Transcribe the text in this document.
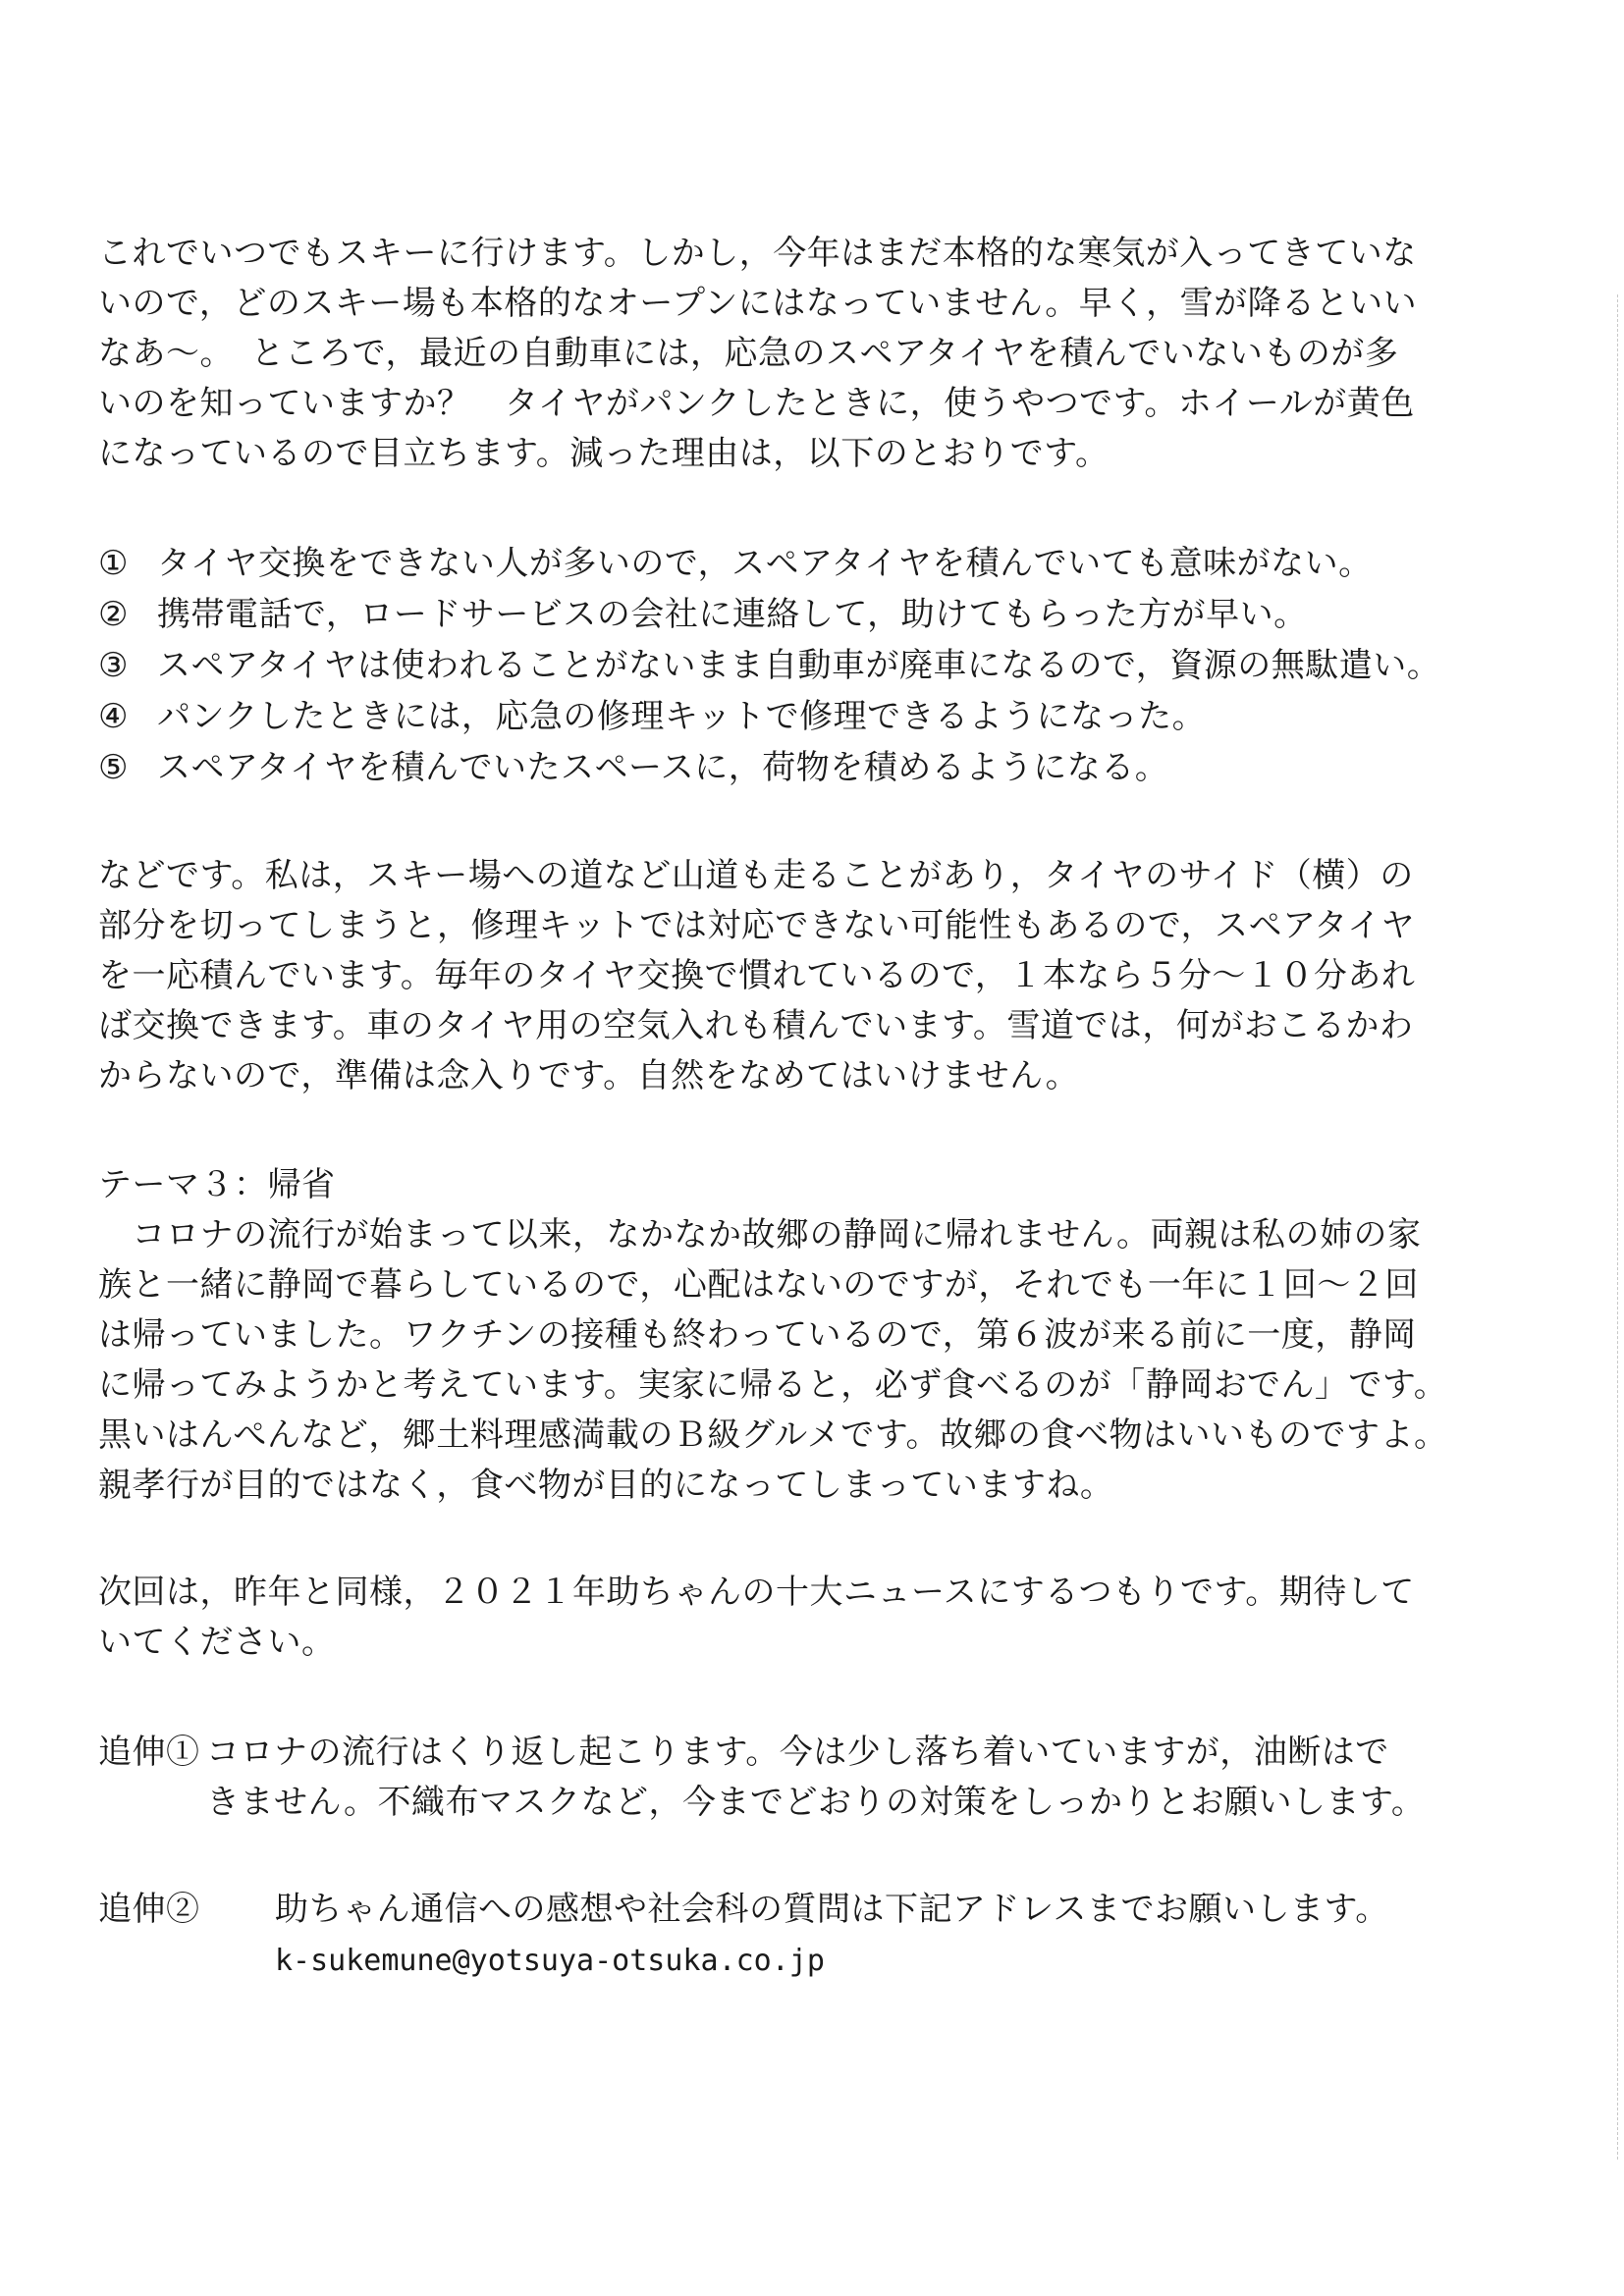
これでいつでもスキーに行けます。しかし，今年はまだ本格的な寒気が入ってきていな
いので，どのスキー場も本格的なオープンにはなっていません。早く，雪が降るといい
なあ～。　ところで，最近の自動車には，応急のスペアタイヤを積んでいないものが多
いのを知っていますか？　タイヤがパンクしたときに，使うやつです。ホイールが黄色
になっているので目立ちます。減った理由は，以下のとおりです。
① タイヤ交換をできない人が多いので，スペアタイヤを積んでいても意味がない。
② 携帯電話で，ロードサービスの会社に連絡して，助けてもらった方が早い。
③ スペアタイヤは使われることがないまま自動車が廃車になるので，資源の無駄遣い。
④ パンクしたときには，応急の修理キットで修理できるようになった。
⑤ スペアタイヤを積んでいたスペースに，荷物を積めるようになる。
などです。私は，スキー場への道など山道も走ることがあり，タイヤのサイド（横）の
部分を切ってしまうと，修理キットでは対応できない可能性もあるので，スペアタイヤ
を一応積んでいます。毎年のタイヤ交換で慣れているので，１本なら５分～１０分あれ
ば交換できます。車のタイヤ用の空気入れも積んでいます。雪道では，何がおこるかわ
からないので，準備は念入りです。自然をなめてはいけません。
テーマ３：帰省
　コロナの流行が始まって以来，なかなか故郷の静岡に帰れません。両親は私の姉の家
族と一緒に静岡で暮らしているので，心配はないのですが，それでも一年に１回～２回
は帰っていました。ワクチンの接種も終わっているので，第６波が来る前に一度，静岡
に帰ってみようかと考えています。実家に帰ると，必ず食べるのが「静岡おでん」です。
黒いはんぺんなど，郷土料理感満載のＢ級グルメです。故郷の食べ物はいいものですよ。
親孝行が目的ではなく，食べ物が目的になってしまっていますね。
次回は，昨年と同様，２０２１年助ちゃんの十大ニュースにするつもりです。期待して
いてください。
追伸① コロナの流行はくり返し起こります。今は少し落ち着いていますが，油断はで
きません。不織布マスクなど，今までどおりの対策をしっかりとお願いします。
追伸② 助ちゃん通信への感想や社会科の質問は下記アドレスまでお願いします。 k-sukemune@yotsuya-otsuka.co.jp
